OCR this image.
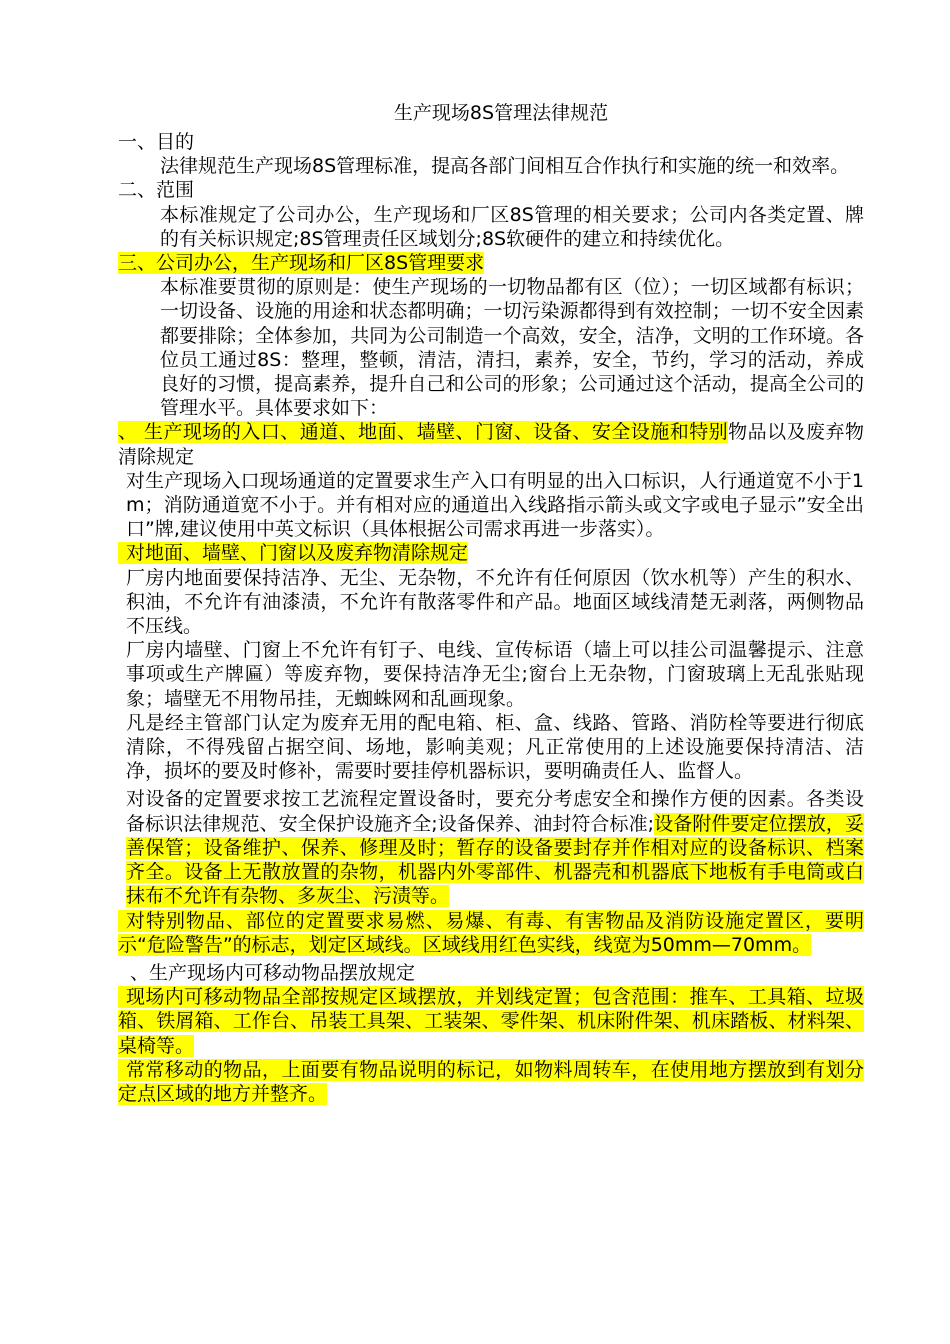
生产现场8S管理法律规范

一、目的

法律规范生产现场8S管理标准，提高各部门间相互合作执行和实施的统一和效率。

二、范围

本标准规定了公司办公，生产现场和厂区8S管理的相关要求；公司内各类定置、牌的有关标识规定;8S管理责任区域划分;8S软硬件的建立和持续优化。

三、公司办公，生产现场和厂区8S管理要求

本标准要贯彻的原则是：使生产现场的一切物品都有区（位）；一切区域都有标识；一切设备、设施的用途和状态都明确；一切污染源都得到有效控制；一切不安全因素都要排除；全体参加，共同为公司制造一个高效，安全，洁净，文明的工作环境。各位员工通过8S：整理，整顿，清洁，清扫，素养，安全，节约，学习的活动，养成良好的习惯，提高素养，提升自己和公司的形象；公司通过这个活动，提高全公司的管理水平。具体要求如下：

、 生产现场的入口、通道、地面、墙壁、门窗、设备、安全设施和特别物品以及废弃物清除规定

对生产现场入口现场通道的定置要求生产入口有明显的出入口标识，人行通道宽不小于1m；消防通道宽不小于。并有相对应的通道出入线路指示箭头或文字或电子显示”安全出口”牌,建议使用中英文标识（具体根据公司需求再进一步落实）。

对地面、墙壁、门窗以及废弃物清除规定

厂房内地面要保持洁净、无尘、无杂物，不允许有任何原因（饮水机等）产生的积水、积油，不允许有油漆渍，不允许有散落零件和产品。地面区域线清楚无剥落，两侧物品不压线。

厂房内墙壁、门窗上不允许有钉子、电线、宣传标语（墙上可以挂公司温馨提示、注意事项或生产牌匾）等废弃物，要保持洁净无尘;窗台上无杂物，门窗玻璃上无乱张贴现象；墙壁无不用物吊挂，无蜘蛛网和乱画现象。

凡是经主管部门认定为废弃无用的配电箱、柜、盒、线路、管路、消防栓等要进行彻底清除，不得残留占据空间、场地，影响美观；凡正常使用的上述设施要保持清洁、洁净，损坏的要及时修补，需要时要挂停机器标识，要明确责任人、监督人。

对设备的定置要求按工艺流程定置设备时，要充分考虑安全和操作方便的因素。各类设备标识法律规范、安全保护设施齐全;设备保养、油封符合标准;设备附件要定位摆放，妥善保管；设备维护、保养、修理及时；暂存的设备要封存并作相对应的设备标识、档案齐全。设备上无散放置的杂物，机器内外零部件、机器壳和机器底下地板有手电筒或白抹布不允许有杂物、多灰尘、污渍等。

对特别物品、部位的定置要求易燃、易爆、有毒、有害物品及消防设施定置区，要明示“危险警告”的标志，划定区域线。区域线用红色实线，线宽为50mm—70mm。

、生产现场内可移动物品摆放规定

现场内可移动物品全部按规定区域摆放，并划线定置；包含范围：推车、工具箱、垃圾箱、铁屑箱、工作台、吊装工具架、工装架、零件架、机床附件架、机床踏板、材料架、桌椅等。

常常移动的物品，上面要有物品说明的标记，如物料周转车，在使用地方摆放到有划分定点区域的地方并整齐。
